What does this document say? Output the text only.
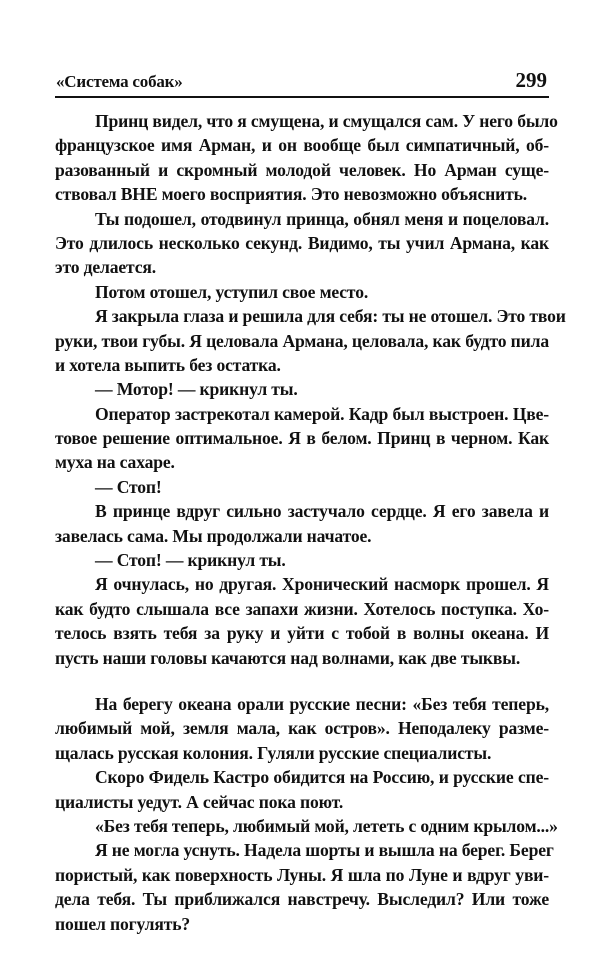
«Система собак»	299
Принц видел, что я смущена, и смущался сам. У него было
французское имя Арман, и он вообще был симпатичный, об-
разованный и скромный молодой человек. Но Арман суще-
ствовал ВНЕ моего восприятия. Это невозможно объяснить.
Ты подошел, отодвинул принца, обнял меня и поцеловал.
Это длилось несколько секунд. Видимо, ты учил Армана, как
это делается.
Потом отошел, уступил свое место.
Я закрыла глаза и решила для себя: ты не отошел. Это твои
руки, твои губы. Я целовала Армана, целовала, как будто пила
и хотела выпить без остатка.
— Мотор! — крикнул ты.
Оператор застрекотал камерой. Кадр был выстроен. Цве-
товое решение оптимальное. Я в белом. Принц в черном. Как
муха на сахаре.
— Стоп!
В принце вдруг сильно застучало сердце. Я его завела и
завелась сама. Мы продолжали начатое.
— Стоп! — крикнул ты.
Я очнулась, но другая. Хронический насморк прошел. Я
как будто слышала все запахи жизни. Хотелось поступка. Хо-
телось взять тебя за руку и уйти с тобой в волны океана. И
пусть наши головы качаются над волнами, как две тыквы.
На берегу океана орали русские песни: «Без тебя теперь,
любимый мой, земля мала, как остров». Неподалеку разме-
щалась русская колония. Гуляли русские специалисты.
Скоро Фидель Кастро обидится на Россию, и русские спе-
циалисты уедут. А сейчас пока поют.
«Без тебя теперь, любимый мой, лететь с одним крылом...»
Я не могла уснуть. Надела шорты и вышла на берег. Берег
пористый, как поверхность Луны. Я шла по Луне и вдруг уви-
дела тебя. Ты приближался навстречу. Выследил? Или тоже
пошел погулять?
